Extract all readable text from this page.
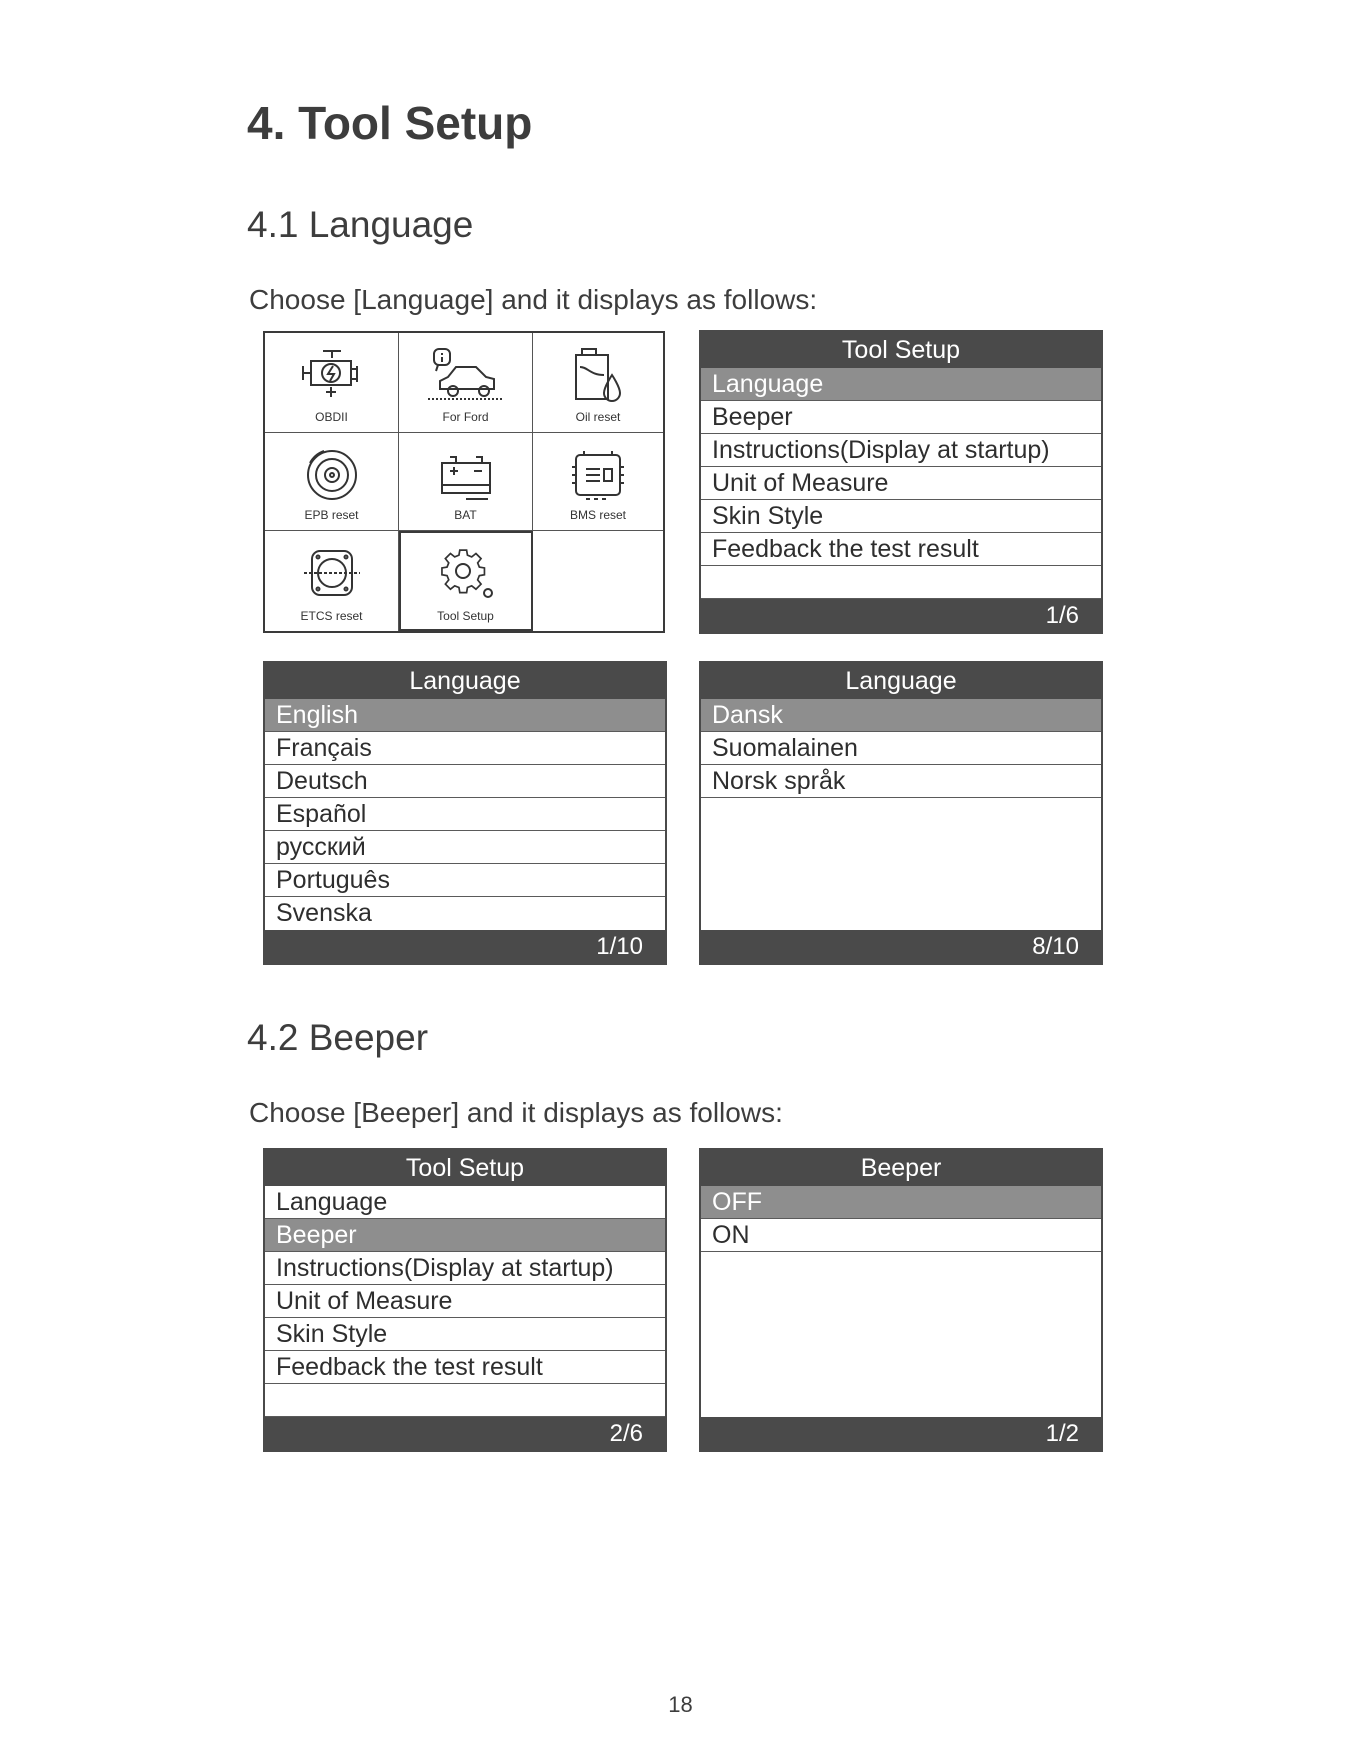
4. Tool Setup
4.1 Language

Choose [Language] and it displays as follows:

OBDII	For Ford	Oil reset
EPB reset	BAT	BMS reset
ETCS reset	Tool Setup
Tool Setup
Language
Beeper
Instructions(Display at startup)
Unit of Measure
Skin Style
Feedback the test result
1/6
Language
English
Français
Deutsch
Español
русский
Português
Svenska
1/10
Language
Dansk
Suomalainen
Norsk språk
8/10
4.2 Beeper

Choose [Beeper] and it displays as follows:

Tool Setup
Language
Beeper
Instructions(Display at startup)
Unit of Measure
Skin Style
Feedback the test result
2/6
Beeper
OFF
ON
1/2
18
